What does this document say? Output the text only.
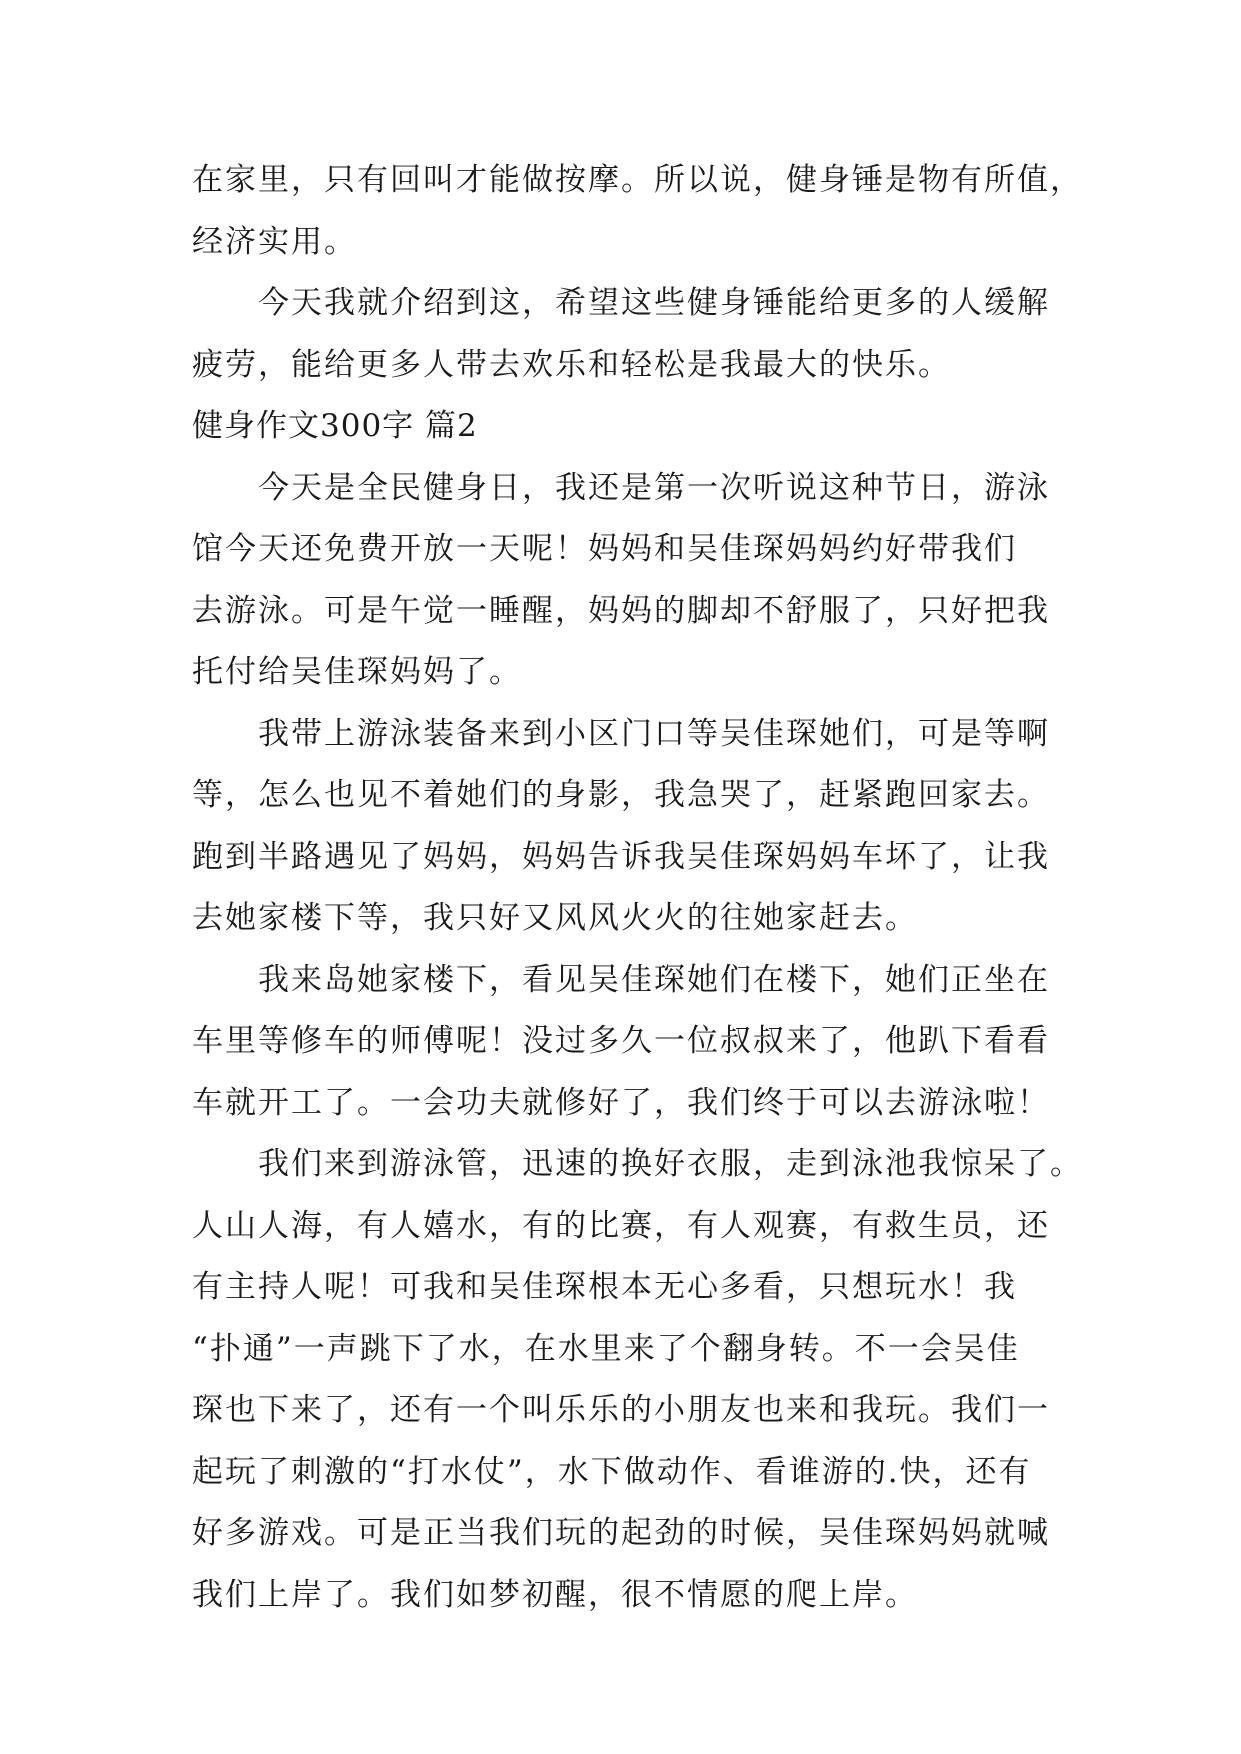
在家里，只有回叫才能做按摩。所以说，健身锤是物有所值，
经济实用。
今天我就介绍到这，希望这些健身锤能给更多的人缓解
疲劳，能给更多人带去欢乐和轻松是我最大的快乐。
健身作文300字 篇2
今天是全民健身日，我还是第一次听说这种节日，游泳
馆今天还免费开放一天呢！妈妈和吴佳琛妈妈约好带我们
去游泳。可是午觉一睡醒，妈妈的脚却不舒服了，只好把我
托付给吴佳琛妈妈了。
我带上游泳装备来到小区门口等吴佳琛她们，可是等啊
等，怎么也见不着她们的身影，我急哭了，赶紧跑回家去。
跑到半路遇见了妈妈，妈妈告诉我吴佳琛妈妈车坏了，让我
去她家楼下等，我只好又风风火火的往她家赶去。
我来岛她家楼下，看见吴佳琛她们在楼下，她们正坐在
车里等修车的师傅呢！没过多久一位叔叔来了，他趴下看看
车就开工了。一会功夫就修好了，我们终于可以去游泳啦！
我们来到游泳管，迅速的换好衣服，走到泳池我惊呆了。
人山人海，有人嬉水，有的比赛，有人观赛，有救生员，还
有主持人呢！可我和吴佳琛根本无心多看，只想玩水！我
“扑通”一声跳下了水，在水里来了个翻身转。不一会吴佳
琛也下来了，还有一个叫乐乐的小朋友也来和我玩。我们一
起玩了刺激的“打水仗”，水下做动作、看谁游的.快，还有
好多游戏。可是正当我们玩的起劲的时候，吴佳琛妈妈就喊
我们上岸了。我们如梦初醒，很不情愿的爬上岸。
